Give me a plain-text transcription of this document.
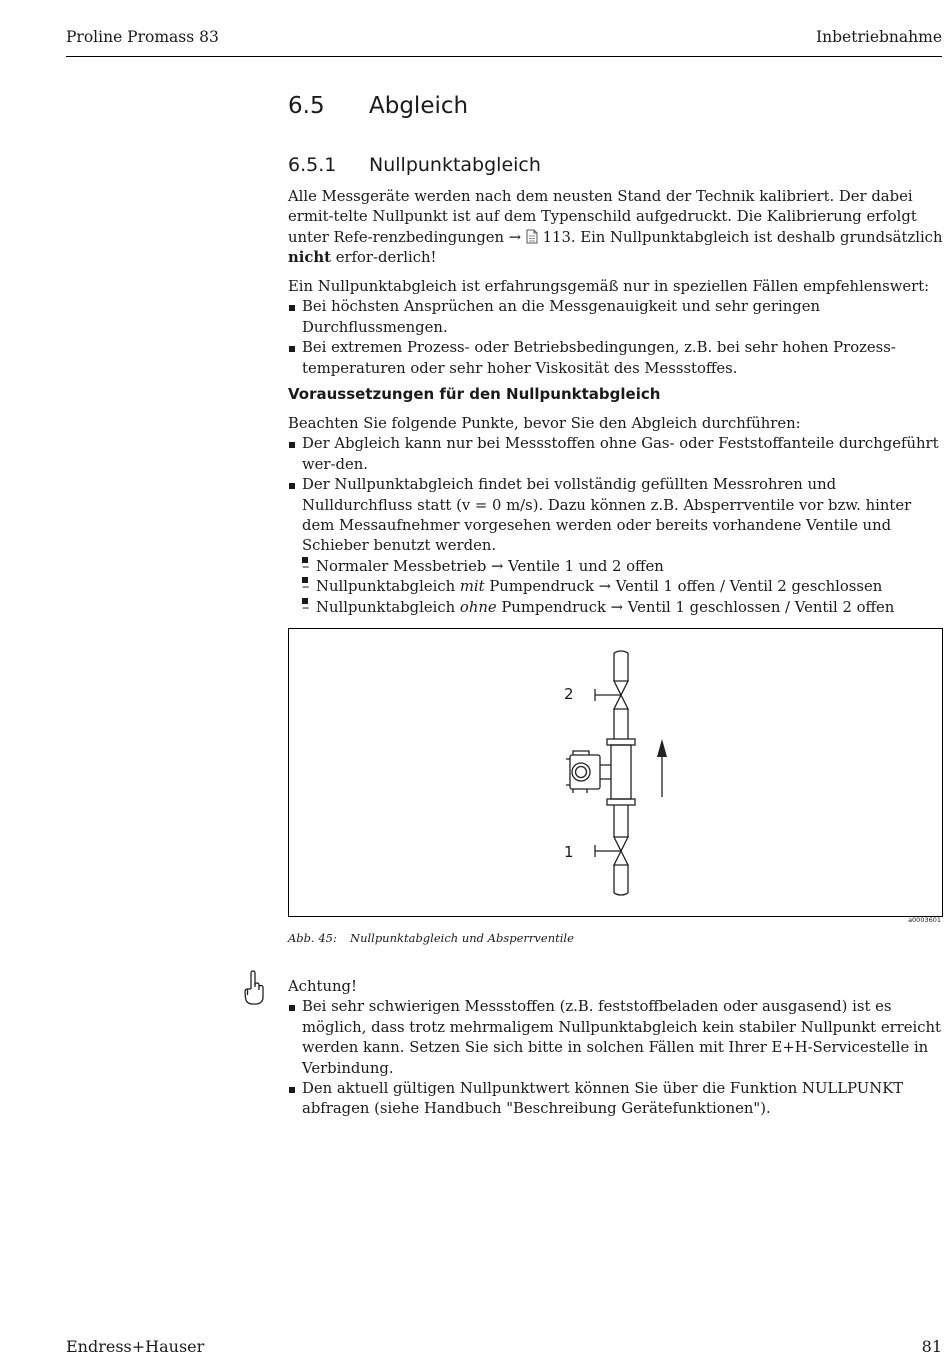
Proline Promass 83	Inbetriebnahme
6.5 Abgleich
6.5.1 Nullpunktabgleich

Alle Messgeräte werden nach dem neusten Stand der Technik kalibriert. Der dabei ermit-telte Nullpunkt ist auf dem Typenschild aufgedruckt. Die Kalibrierung erfolgt unter Refe-renzbedingungen →  113. Ein Nullpunktabgleich ist deshalb grundsätzlich nicht erfor-derlich!

Ein Nullpunktabgleich ist erfahrungsgemäß nur in speziellen Fällen empfehlenswert:

Bei höchsten Ansprüchen an die Messgenauigkeit und sehr geringen Durchflussmengen.
Bei extremen Prozess- oder Betriebsbedingungen, z.B. bei sehr hohen Prozess-temperaturen oder sehr hoher Viskosität des Messstoffes.
Voraussetzungen für den Nullpunktabgleich

Beachten Sie folgende Punkte, bevor Sie den Abgleich durchführen:

Der Abgleich kann nur bei Messstoffen ohne Gas- oder Feststoffanteile durchgeführt wer-den.
Der Nullpunktabgleich findet bei vollständig gefüllten Messrohren und Nulldurchfluss statt (v = 0 m/s). Dazu können z.B. Absperrventile vor bzw. hinter dem Messaufnehmer vorgesehen werden oder bereits vorhandene Ventile und Schieber benutzt werden.
– Normaler Messbetrieb → Ventile 1 und 2 offen
– Nullpunktabgleich mit Pumpendruck → Ventil 1 offen / Ventil 2 geschlossen
– Nullpunktabgleich ohne Pumpendruck → Ventil 1 geschlossen / Ventil 2 offen
2
1
a0003601
Abb. 45: Nullpunktabgleich und Absperrventile

Achtung!

Bei sehr schwierigen Messstoffen (z.B. feststoffbeladen oder ausgasend) ist es möglich, dass trotz mehrmaligem Nullpunktabgleich kein stabiler Nullpunkt erreicht werden kann. Setzen Sie sich bitte in solchen Fällen mit Ihrer E+H-Servicestelle in Verbindung.
Den aktuell gültigen Nullpunktwert können Sie über die Funktion NULLPUNKT abfragen (siehe Handbuch "Beschreibung Gerätefunktionen").
Endress+Hauser	81
